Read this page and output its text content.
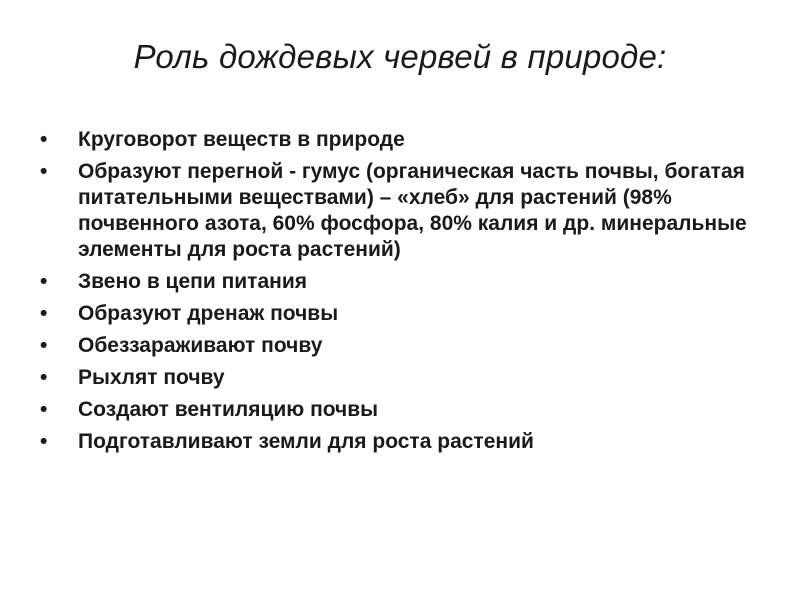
Роль дождевых червей в природе:
•	Круговорот веществ в природе
•	Образуют перегной - гумус (органическая часть почвы, богатая питательными веществами) – «хлеб» для растений (98% почвенного азота, 60% фосфора, 80% калия и др. минеральные элементы для роста растений)
•	Звено в цепи питания
•	Образуют дренаж почвы
•	Обеззараживают почву
•	Рыхлят почву
•	Создают вентиляцию почвы
•	Подготавливают земли для роста растений
